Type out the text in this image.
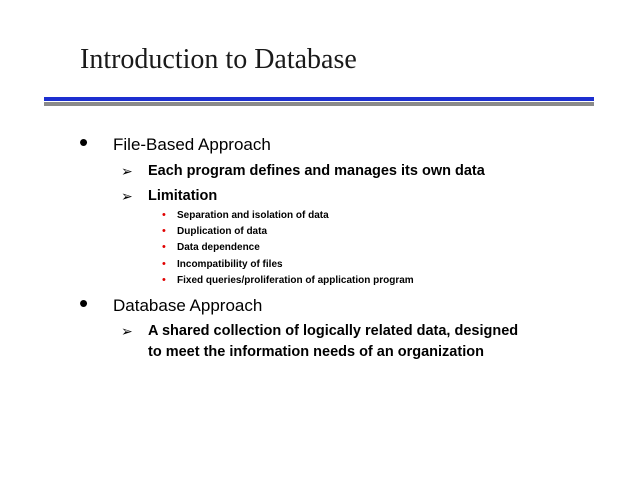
Introduction to Database
• File-Based Approach
➢ Each program defines and manages its own data
➢ Limitation
• Separation and isolation of data
• Duplication of data
• Data dependence
• Incompatibility of files
• Fixed queries/proliferation of application program
• Database Approach
➢ A shared collection of logically related data, designed
to meet the information needs of an organization
